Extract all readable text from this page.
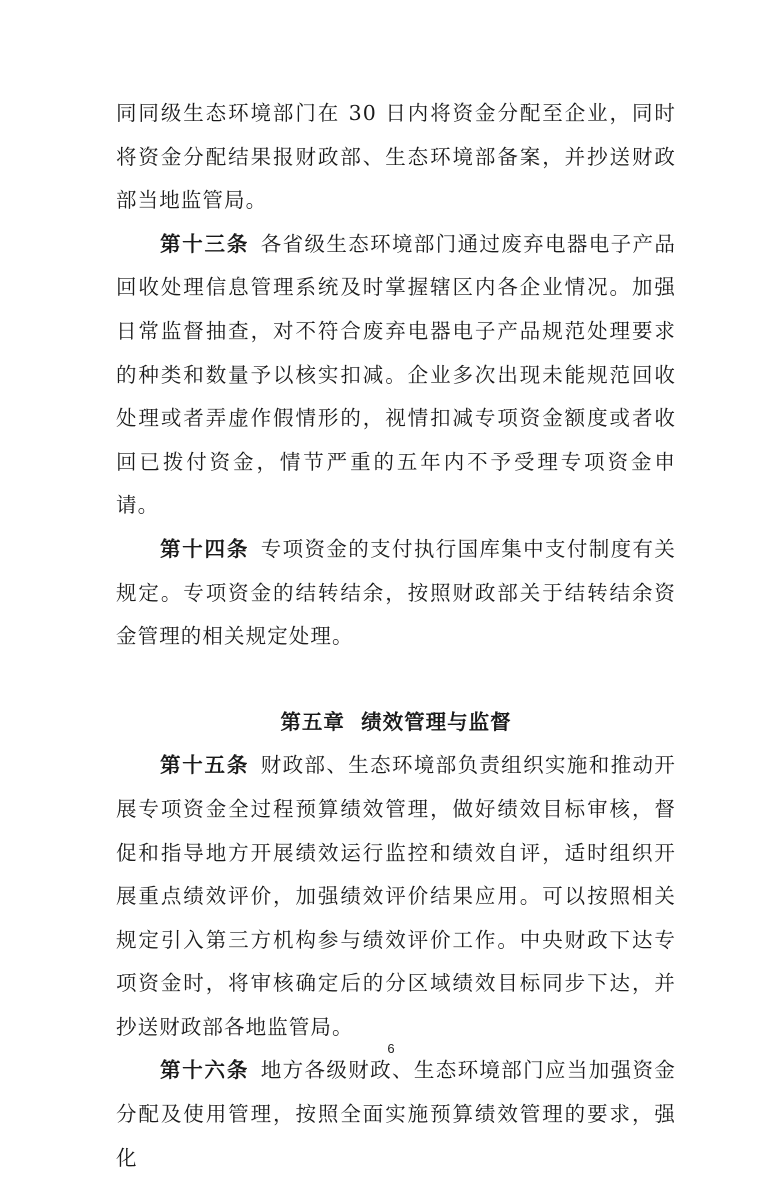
同同级生态环境部门在 30 日内将资金分配至企业，同时将资金分配结果报财政部、生态环境部备案，并抄送财政部当地监管局。

第十三条  各省级生态环境部门通过废弃电器电子产品回收处理信息管理系统及时掌握辖区内各企业情况。加强日常监督抽查，对不符合废弃电器电子产品规范处理要求的种类和数量予以核实扣减。企业多次出现未能规范回收处理或者弄虚作假情形的，视情扣减专项资金额度或者收回已拨付资金，情节严重的五年内不予受理专项资金申请。

第十四条  专项资金的支付执行国库集中支付制度有关规定。专项资金的结转结余，按照财政部关于结转结余资金管理的相关规定处理。

第五章  绩效管理与监督

第十五条  财政部、生态环境部负责组织实施和推动开展专项资金全过程预算绩效管理，做好绩效目标审核，督促和指导地方开展绩效运行监控和绩效自评，适时组织开展重点绩效评价，加强绩效评价结果应用。可以按照相关规定引入第三方机构参与绩效评价工作。中央财政下达专项资金时，将审核确定后的分区域绩效目标同步下达，并抄送财政部各地监管局。

第十六条  地方各级财政、生态环境部门应当加强资金分配及使用管理，按照全面实施预算绩效管理的要求，强化

6
